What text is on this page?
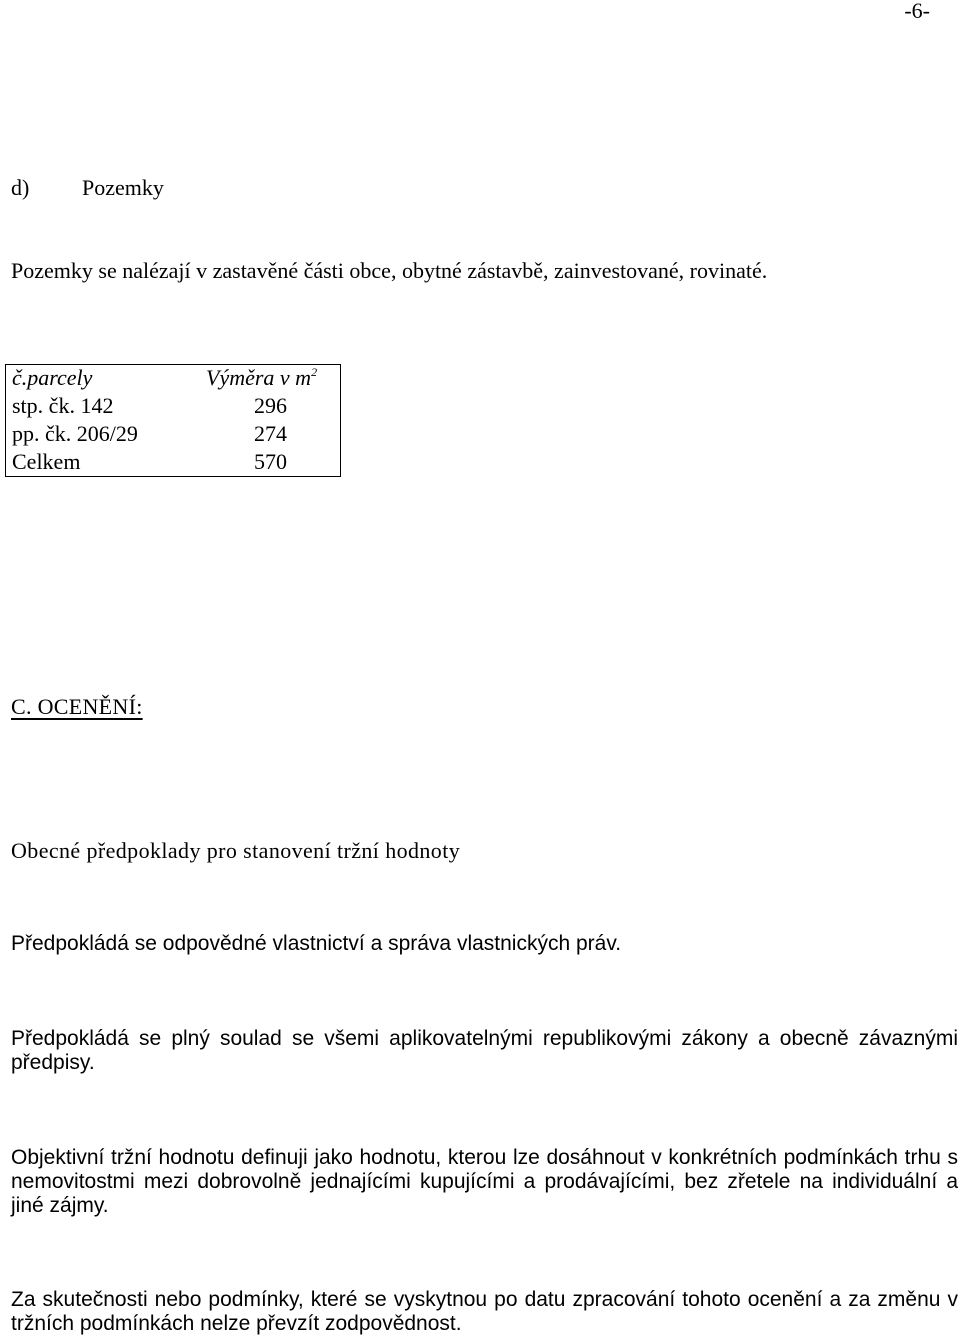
-6-
d) Pozemky
Pozemky se nalézají v zastavěné části obce, obytné zástavbě, zainvestované, rovinaté.
č.parcely	Výměra v $m^2$
stp. čk. 142	296
pp. čk. 206/29	274
Celkem	570
C. OCENĚNÍ:
Obecné předpoklady pro stanovení tržní hodnoty
Předpokládá se odpovědné vlastnictví a správa vlastnických práv.
Předpokládá se plný soulad se všemi aplikovatelnými republikovými zákony a obecně závaznými předpisy.
Objektivní tržní hodnotu definuji jako hodnotu, kterou lze dosáhnout v konkrétních podmínkách trhu s nemovitostmi mezi dobrovolně jednajícími kupujícími a prodávajícími, bez zřetele na individuální a jiné zájmy.
Za skutečnosti nebo podmínky, které se vyskytnou po datu zpracování tohoto ocenění a za změnu v tržních podmínkách nelze převzít zodpovědnost.
